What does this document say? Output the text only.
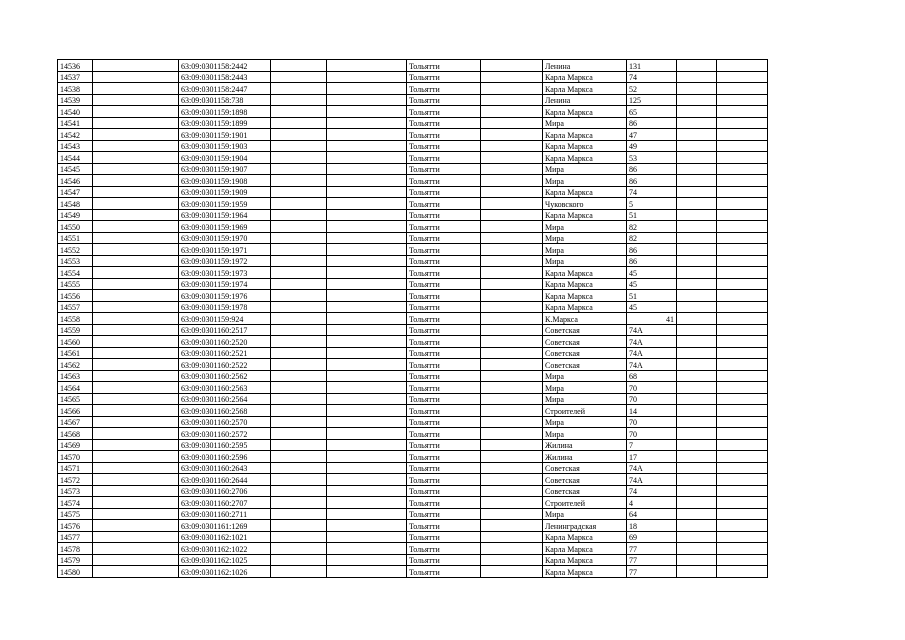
14536		63:09:0301158:2442			Тольятти		Ленина	131		
14537		63:09:0301158:2443			Тольятти		Карла Маркса	74		
14538		63:09:0301158:2447			Тольятти		Карла Маркса	52		
14539		63:09:0301158:738			Тольятти		Ленина	125		
14540		63:09:0301159:1898			Тольятти		Карла Маркса	65		
14541		63:09:0301159:1899			Тольятти		Мира	86		
14542		63:09:0301159:1901			Тольятти		Карла Маркса	47		
14543		63:09:0301159:1903			Тольятти		Карла Маркса	49		
14544		63:09:0301159:1904			Тольятти		Карла Маркса	53		
14545		63:09:0301159:1907			Тольятти		Мира	86		
14546		63:09:0301159:1908			Тольятти		Мира	86		
14547		63:09:0301159:1909			Тольятти		Карла Маркса	74		
14548		63:09:0301159:1959			Тольятти		Чуковского	5		
14549		63:09:0301159:1964			Тольятти		Карла Маркса	51		
14550		63:09:0301159:1969			Тольятти		Мира	82		
14551		63:09:0301159:1970			Тольятти		Мира	82		
14552		63:09:0301159:1971			Тольятти		Мира	86		
14553		63:09:0301159:1972			Тольятти		Мира	86		
14554		63:09:0301159:1973			Тольятти		Карла Маркса	45		
14555		63:09:0301159:1974			Тольятти		Карла Маркса	45		
14556		63:09:0301159:1976			Тольятти		Карла Маркса	51		
14557		63:09:0301159:1978			Тольятти		Карла Маркса	45		
14558		63:09:0301159:924			Тольятти		К.Маркса	41		
14559		63:09:0301160:2517			Тольятти		Советская	74А		
14560		63:09:0301160:2520			Тольятти		Советская	74А		
14561		63:09:0301160:2521			Тольятти		Советская	74А		
14562		63:09:0301160:2522			Тольятти		Советская	74А		
14563		63:09:0301160:2562			Тольятти		Мира	68		
14564		63:09:0301160:2563			Тольятти		Мира	70		
14565		63:09:0301160:2564			Тольятти		Мира	70		
14566		63:09:0301160:2568			Тольятти		Строителей	14		
14567		63:09:0301160:2570			Тольятти		Мира	70		
14568		63:09:0301160:2572			Тольятти		Мира	70		
14569		63:09:0301160:2595			Тольятти		Жилина	7		
14570		63:09:0301160:2596			Тольятти		Жилина	17		
14571		63:09:0301160:2643			Тольятти		Советская	74А		
14572		63:09:0301160:2644			Тольятти		Советская	74А		
14573		63:09:0301160:2706			Тольятти		Советская	74		
14574		63:09:0301160:2707			Тольятти		Строителей	4		
14575		63:09:0301160:2711			Тольятти		Мира	64		
14576		63:09:0301161:1269			Тольятти		Ленинградская	18		
14577		63:09:0301162:1021			Тольятти		Карла Маркса	69		
14578		63:09:0301162:1022			Тольятти		Карла Маркса	77		
14579		63:09:0301162:1025			Тольятти		Карла Маркса	77		
14580		63:09:0301162:1026			Тольятти		Карла Маркса	77		
